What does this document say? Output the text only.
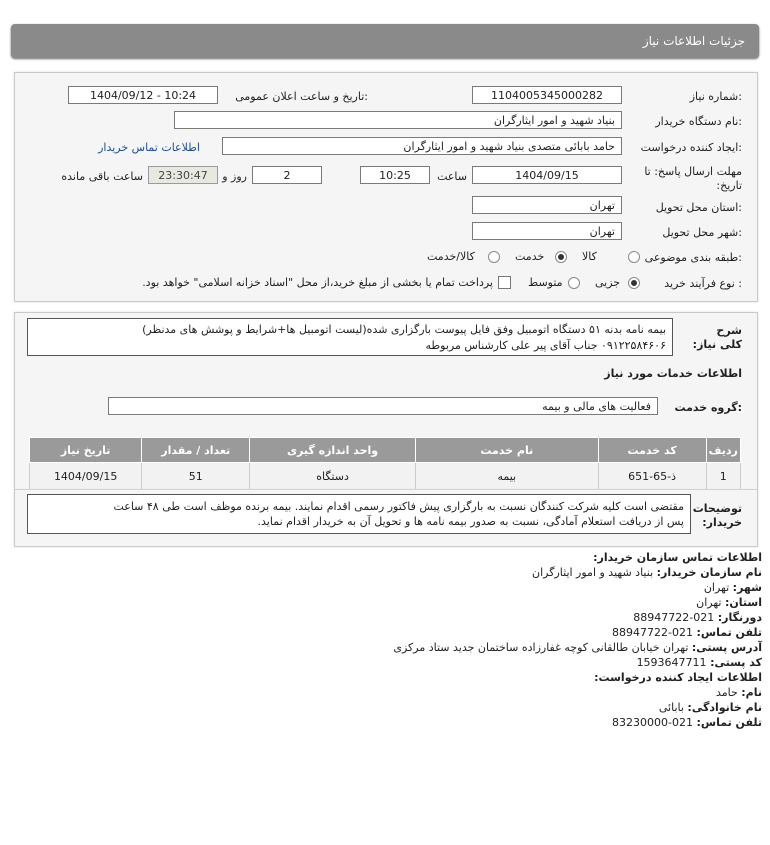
جزئیات اطلاعات نیاز
شماره نیاز:
1104005345000282
تاریخ و ساعت اعلان عمومی:
1404/09/12 - 10:24
نام دستگاه خریدار:
بنیاد شهید و امور ایثارگران
ایجاد کننده درخواست:
حامد بابائی متصدی بنیاد شهید و امور ایثارگران
اطلاعات تماس خریدار
مهلت ارسال پاسخ: تا تاریخ:
1404/09/15
ساعت
10:25
2
روز و
23:30:47
ساعت باقی مانده
استان محل تحویل:
تهران
شهر محل تحویل:
تهران
طبقه بندی موضوعی:
کالا
خدمت
کالا/خدمت
نوع فرآیند خرید :
جزیی
متوسط
پرداخت تمام یا بخشی از مبلغ خرید،از محل "اسناد خزانه اسلامی" خواهد بود.
شرح کلی نیاز:
بیمه نامه بدنه ۵۱ دستگاه اتومبیل وفق فایل پیوست بارگزاری شده(لیست اتومبیل ها+شرایط و پوشش های مدنظر)
۰۹۱۲۲۵۸۴۶۰۶ جناب آقای پیر علی کارشناس مربوطه
اطلاعات خدمات مورد نیاز
گروه خدمت:
فعالیت های مالی و بیمه
ردیف	کد خدمت	نام خدمت	واحد اندازه گیری	تعداد / مقدار	تاریخ نیاز
1	ذ-65-651	بیمه	دستگاه	51	1404/09/15
توضیحات خریدار:
مقتضی است کلیه شرکت کنندگان نسبت به بارگزاری پیش فاکتور رسمی اقدام نمایند. بیمه برنده موظف است طی ۴۸ ساعت
پس از دریافت استعلام آمادگی، نسبت به صدور بیمه نامه ها و تحویل آن به خریدار اقدام نماید.
اطلاعات تماس سازمان خریدار:
نام سازمان خریدار: بنیاد شهید و امور ایثارگران
شهر: تهران
استان: تهران
دورنگار: 021-88947722
تلفن تماس: 021-88947722
آدرس پستی: تهران خیابان طالقانی کوچه غفارزاده ساختمان جدید ستاد مرکزی
کد پستی: 1593647711
اطلاعات ایجاد کننده درخواست:
نام: حامد
نام خانوادگی: بابائی
تلفن تماس: 021-83230000
